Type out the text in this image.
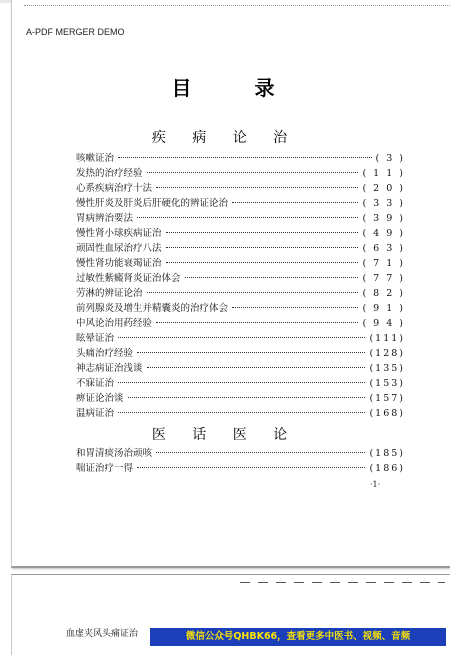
A-PDF MERGER DEMO
目 录
疾 病 论 治
咳嗽证治	( 3 )
发热的治疗经验	( 1 1 )
心系疾病治疗十法	( 2 0 )
慢性肝炎及肝炎后肝硬化的辨证论治	( 3 3 )
胃病辨治要法	( 3 9 )
慢性肾小球疾病证治	( 4 9 )
顽固性血尿治疗八法	( 6 3 )
慢性肾功能衰竭证治	( 7 1 )
过敏性紫癜肾炎证治体会	( 7 7 )
劳淋的辨证论治	( 8 2 )
前列腺炎及增生并精囊炎的治疗体会	( 9 1 )
中风论治用药经验	( 9 4 )
眩晕证治	(111)
头痛治疗经验	(128)
神志病证治浅谈	(135)
不寐证治	(153)
痹证论治谈	(157)
温病证治	(168)
医 话 医 论
和胃清痰汤治顽咳	(185)
喘证治疗一得	(186)
·1·
血虚夹风头痛证治	微信公众号QHBK66，查看更多中医书、视频、音频
